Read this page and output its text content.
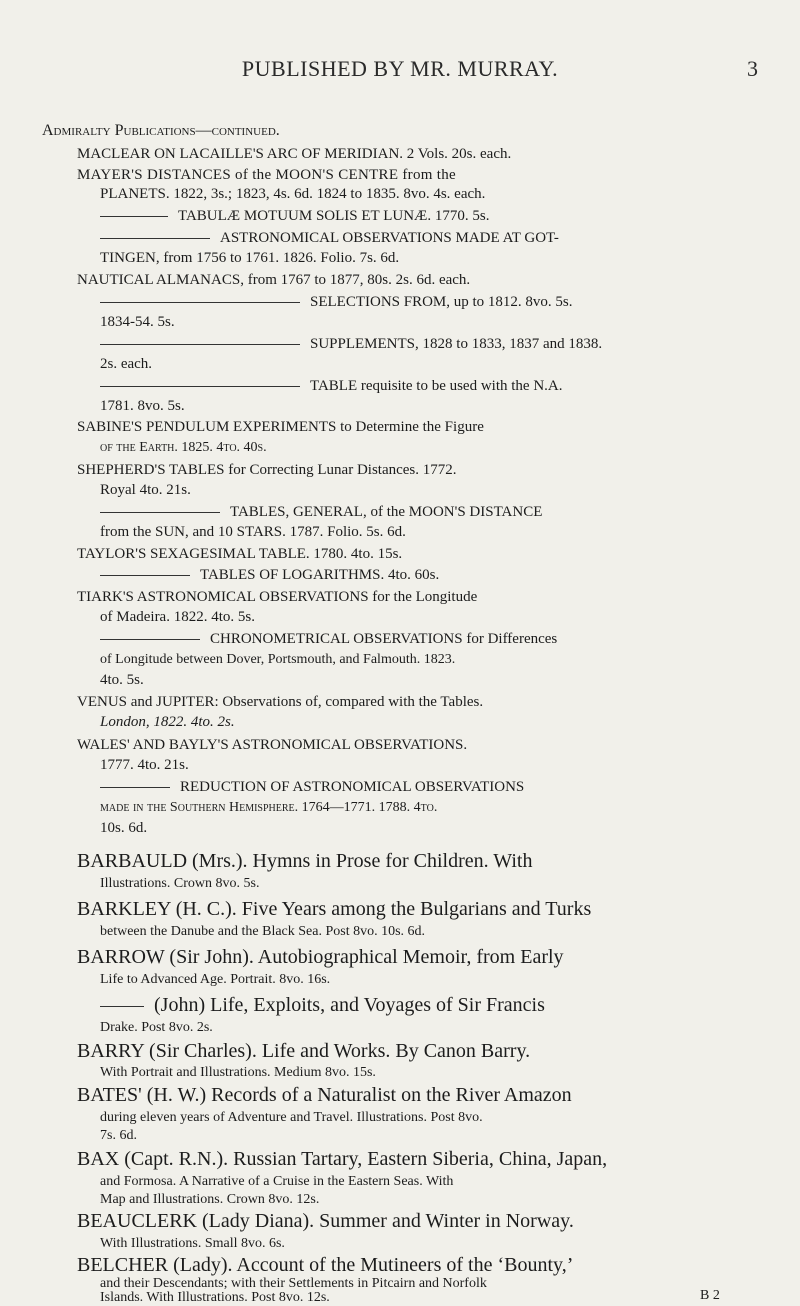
PUBLISHED BY MR. MURRAY.	3
Admiralty Publications—continued.
MACLEAR ON LACAILLE'S ARC OF MERIDIAN. 2 Vols. 20s. each.
MAYER'S DISTANCES of the MOON'S CENTRE from the
PLANETS. 1822, 3s.; 1823, 4s. 6d. 1824 to 1835. 8vo. 4s. each.
TABULÆ MOTUUM SOLIS ET LUNÆ. 1770. 5s.
ASTRONOMICAL OBSERVATIONS MADE AT GOT-
TINGEN, from 1756 to 1761. 1826. Folio. 7s. 6d.
NAUTICAL ALMANACS, from 1767 to 1877, 80s. 2s. 6d. each.
SELECTIONS FROM, up to 1812. 8vo. 5s.
1834-54. 5s.
SUPPLEMENTS, 1828 to 1833, 1837 and 1838.
2s. each.
TABLE requisite to be used with the N.A.
1781. 8vo. 5s.
SABINE'S PENDULUM EXPERIMENTS to Determine the Figure
of the Earth. 1825. 4to. 40s.
SHEPHERD'S TABLES for Correcting Lunar Distances. 1772.
Royal 4to. 21s.
TABLES, GENERAL, of the MOON'S DISTANCE
from the SUN, and 10 STARS. 1787. Folio. 5s. 6d.
TAYLOR'S SEXAGESIMAL TABLE. 1780. 4to. 15s.
TABLES OF LOGARITHMS. 4to. 60s.
TIARK'S ASTRONOMICAL OBSERVATIONS for the Longitude
of Madeira. 1822. 4to. 5s.
CHRONOMETRICAL OBSERVATIONS for Differences
of Longitude between Dover, Portsmouth, and Falmouth. 1823.
4to. 5s.
VENUS and JUPITER: Observations of, compared with the Tables.
London, 1822. 4to. 2s.
WALES' AND BAYLY'S ASTRONOMICAL OBSERVATIONS.
1777. 4to. 21s.
REDUCTION OF ASTRONOMICAL OBSERVATIONS
made in the Southern Hemisphere. 1764—1771. 1788. 4to.
10s. 6d.
BARBAULD (Mrs.). Hymns in Prose for Children. With
Illustrations. Crown 8vo. 5s.
BARKLEY (H. C.). Five Years among the Bulgarians and Turks
between the Danube and the Black Sea. Post 8vo. 10s. 6d.
BARROW (Sir John). Autobiographical Memoir, from Early
Life to Advanced Age. Portrait. 8vo. 16s.
(John) Life, Exploits, and Voyages of Sir Francis
Drake. Post 8vo. 2s.
BARRY (Sir Charles). Life and Works. By Canon Barry.
With Portrait and Illustrations. Medium 8vo. 15s.
BATES' (H. W.) Records of a Naturalist on the River Amazon
during eleven years of Adventure and Travel. Illustrations. Post 8vo.
7s. 6d.
BAX (Capt. R.N.). Russian Tartary, Eastern Siberia, China, Japan,
and Formosa. A Narrative of a Cruise in the Eastern Seas. With
Map and Illustrations. Crown 8vo. 12s.
BEAUCLERK (Lady Diana). Summer and Winter in Norway.
With Illustrations. Small 8vo. 6s.
BELCHER (Lady). Account of the Mutineers of the ‘Bounty,’
and their Descendants; with their Settlements in Pitcairn and Norfolk
Islands. With Illustrations. Post 8vo. 12s.	B 2
